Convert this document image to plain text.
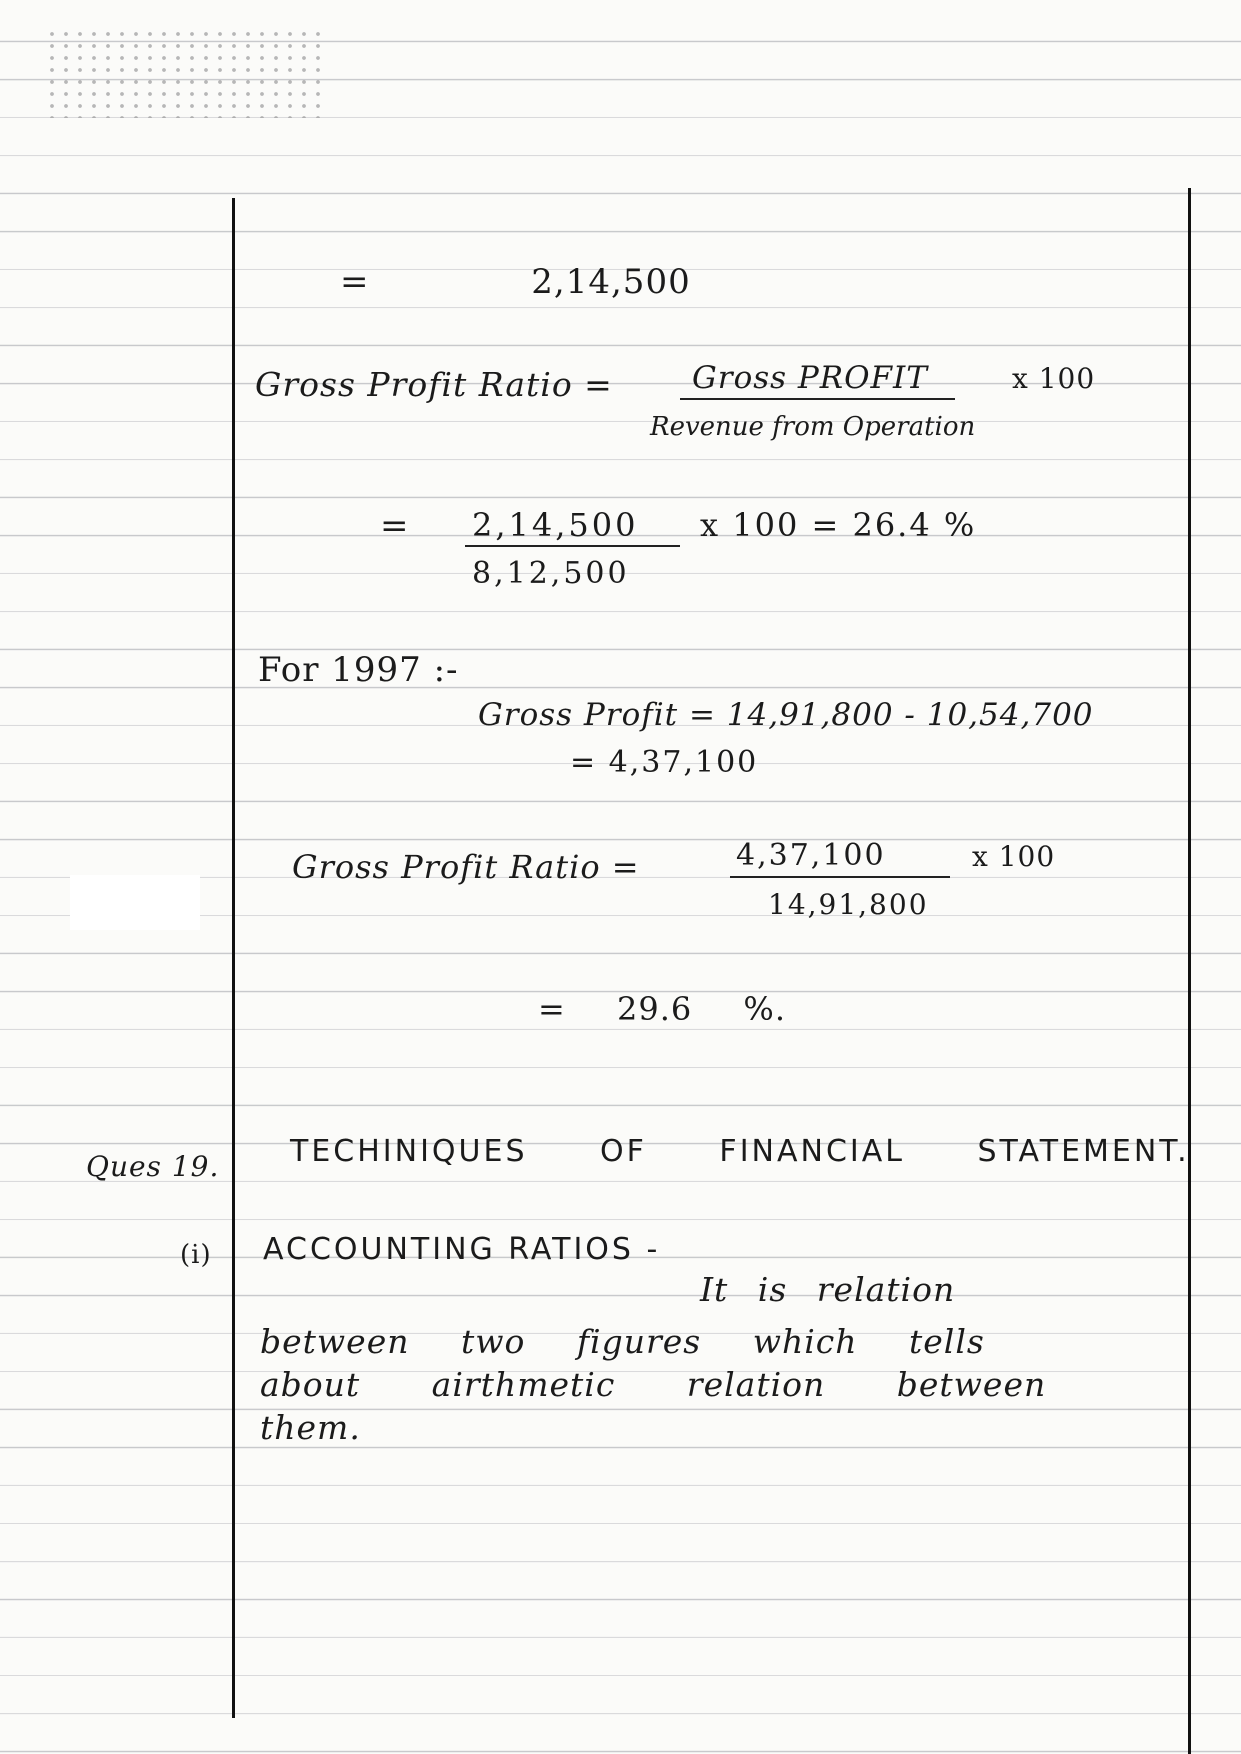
= 2,14,500
Gross Profit Ratio =	Gross PROFIT
Revenue from Operation
x 100
= 2,14,500
8,12,500
x 100 = 26.4 %
For 1997 :-
Gross Profit = 14,91,800 - 10,54,700
= 4,37,100
Gross Profit Ratio =	4,37,100
14,91,800
x 100
= 29.6 %.
Ques 19. TECHINIQUES OF FINANCIAL STATEMENT.
(i) ACCOUNTING RATIOS -
It is relation
between two figures which tells
about airthmetic relation between
them.
